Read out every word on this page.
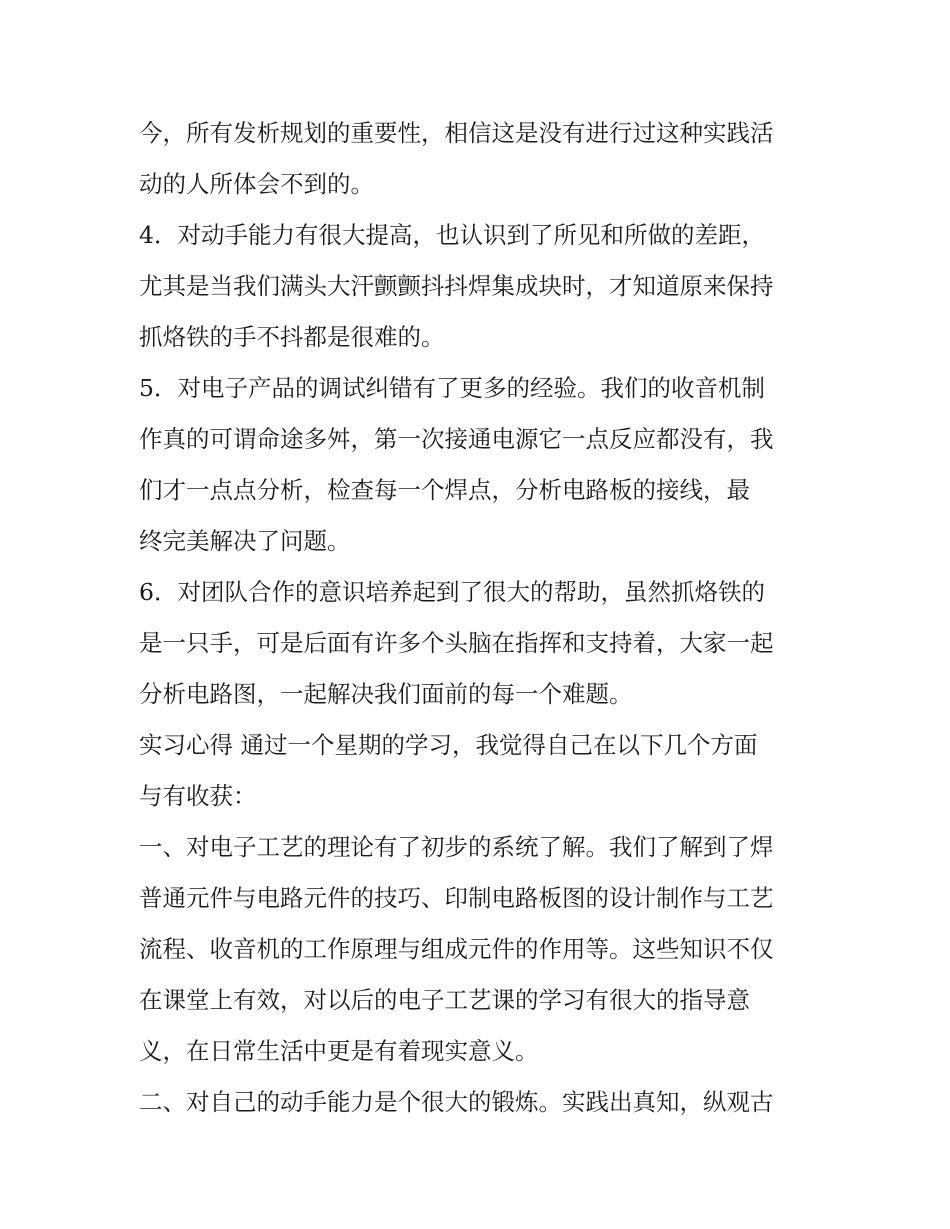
今，所有发析规划的重要性，相信这是没有进行过这种实践活
动的人所体会不到的。
4．对动手能力有很大提高，也认识到了所见和所做的差距，
尤其是当我们满头大汗颤颤抖抖焊集成块时，才知道原来保持
抓烙铁的手不抖都是很难的。
5．对电子产品的调试纠错有了更多的经验。我们的收音机制
作真的可谓命途多舛，第一次接通电源它一点反应都没有，我
们才一点点分析，检查每一个焊点，分析电路板的接线，最
终完美解决了问题。
6．对团队合作的意识培养起到了很大的帮助，虽然抓烙铁的
是一只手，可是后面有许多个头脑在指挥和支持着，大家一起
分析电路图，一起解决我们面前的每一个难题。
实习心得 通过一个星期的学习，我觉得自己在以下几个方面
与有收获：
一、对电子工艺的理论有了初步的系统了解。我们了解到了焊
普通元件与电路元件的技巧、印制电路板图的设计制作与工艺
流程、收音机的工作原理与组成元件的作用等。这些知识不仅
在课堂上有效，对以后的电子工艺课的学习有很大的指导意
义，在日常生活中更是有着现实意义。
二、对自己的动手能力是个很大的锻炼。实践出真知，纵观古
